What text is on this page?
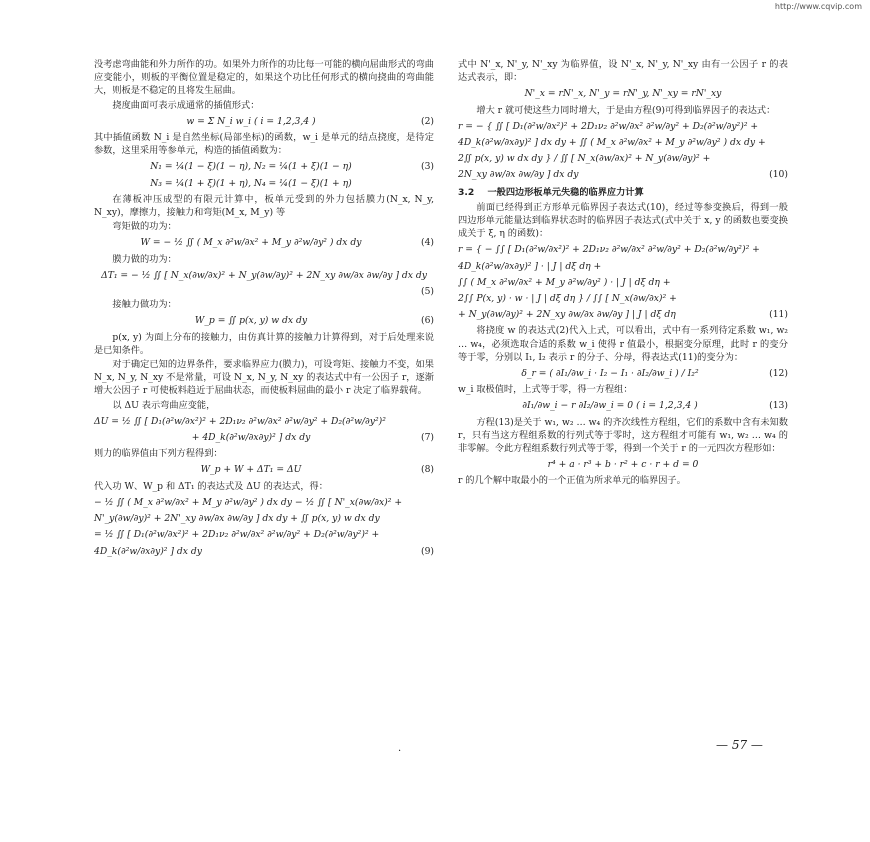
http://www.cqvip.com

没考虑弯曲能和外力所作的功。如果外力所作的功比每一可能的横向屈曲形式的弯曲应变能小，则板的平衡位置是稳定的，如果这个功比任何形式的横向挠曲的弯曲能大，则板是不稳定的且将发生屈曲。

挠度曲面可表示成通常的插值形式：

w = Σ N_i w_i ( i = 1,2,3,4 )	(2)

其中插值函数 N_i 是自然坐标(局部坐标)的函数，w_i 是单元的结点挠度，是待定参数，这里采用等参单元，构造的插值函数为：

N₁ = ¼(1 − ξ)(1 − η), N₂ = ¼(1 + ξ)(1 − η)	(3)
N₃ = ¼(1 + ξ)(1 + η), N₄ = ¼(1 − ξ)(1 + η)

在薄板冲压成型的有限元计算中，板单元受到的外力包括膜力(N_x, N_y, N_xy)，摩擦力，接触力和弯矩(M_x, M_y) 等

弯矩做的功为：

W = − ½ ∬ ( M_x ∂²w/∂x² + M_y ∂²w/∂y² ) dx dy	(4)

膜力做的功为：

ΔT₁ = − ½ ∬ [ N_x(∂w/∂x)² + N_y(∂w/∂y)² + 2N_xy ∂w/∂x ∂w/∂y ] dx dy

(5)

接触力做功为：

W_p = ∬ p(x, y) w dx dy	(6)

p(x, y) 为面上分布的接触力，由仿真计算的接触力计算得到，对于后处理来说是已知条件。

对于确定已知的边界条件，要求临界应力(膜力)，可设弯矩、接触力不变，如果 N_x, N_y, N_xy 不是常量，可设 N_x, N_y, N_xy 的表达式中有一公因子 r，逐渐增大公因子 r 可使板料趋近于屈曲状态，而使板料屈曲的最小 r 决定了临界载荷。

以 ΔU 表示弯曲应变能，

ΔU = ½ ∬ [ D₁(∂²w/∂x²)² + 2D₁ν₂ ∂²w/∂x² ∂²w/∂y² + D₂(∂²w/∂y²)²
+ 4D_k(∂²w/∂x∂y)² ] dx dy	(7)

则力的临界值由下列方程得到：

W_p + W + ΔT₁ = ΔU	(8)

代入功 W、W_p 和 ΔT₁ 的表达式及 ΔU 的表达式，得：

− ½ ∬ ( M_x ∂²w/∂x² + M_y ∂²w/∂y² ) dx dy − ½ ∬ [ N'_x(∂w/∂x)² +
N'_y(∂w/∂y)² + 2N'_xy ∂w/∂x ∂w/∂y ] dx dy + ∬ p(x, y) w dx dy
= ½ ∬ [ D₁(∂²w/∂x²)² + 2D₁ν₂ ∂²w/∂x² ∂²w/∂y² + D₂(∂²w/∂y²)² +
4D_k(∂²w/∂x∂y)² ] dx dy	(9)

式中 N'_x, N'_y, N'_xy 为临界值，设 N'_x, N'_y, N'_xy 由有一公因子 r 的表达式表示，即：

N'_x = rN'_x, N'_y = rN'_y, N'_xy = rN'_xy

增大 r 就可使这些力同时增大，于是由方程(9)可得到临界因子的表达式：

r = − { ∬ [ D₁(∂²w/∂x²)² + 2D₁ν₂ ∂²w/∂x² ∂²w/∂y² + D₂(∂²w/∂y²)² +
4D_k(∂²w/∂x∂y)² ] dx dy + ∬ ( M_x ∂²w/∂x² + M_y ∂²w/∂y² ) dx dy +
2∬ p(x, y) w dx dy } / ∬ [ N_x(∂w/∂x)² + N_y(∂w/∂y)² +
2N_xy ∂w/∂x ∂w/∂y ] dx dy	(10)
3.2 一般四边形板单元失稳的临界应力计算

前面已经得到正方形单元临界因子表达式(10)，经过等参变换后，得到一般四边形单元能量达到临界状态时的临界因子表达式(式中关于 x, y 的函数也要变换成关于 ξ, η 的函数)：

r = { − ∫∫ [ D₁(∂²w/∂x²)² + 2D₁ν₂ ∂²w/∂x² ∂²w/∂y² + D₂(∂²w/∂y²)² +
4D_k(∂²w/∂x∂y)² ] · | J | dξ dη +
∫∫ ( M_x ∂²w/∂x² + M_y ∂²w/∂y² ) · | J | dξ dη +
2∫∫ P(x, y) · w · | J | dξ dη } / ∫∫ [ N_x(∂w/∂x)² +
+ N_y(∂w/∂y)² + 2N_xy ∂w/∂x ∂w/∂y ] | J | dξ dη	(11)

将挠度 w 的表达式(2)代入上式，可以看出，式中有一系列待定系数 w₁, w₂ … w₄，必须选取合适的系数 w_i 使得 r 值最小，根据变分原理，此时 r 的变分等于零，分别以 I₁, I₂ 表示 r 的分子、分母，得表达式(11)的变分为：

δ_r = ( ∂I₁/∂w_i · I₂ − I₁ · ∂I₂/∂w_i ) / I₂²	(12)

w_i 取极值时，上式等于零，得一方程组：

∂I₁/∂w_i − r ∂I₂/∂w_i = 0 ( i = 1,2,3,4 )	(13)

方程(13)是关于 w₁, w₂ … w₄ 的齐次线性方程组，它们的系数中含有未知数 r，只有当这方程组系数的行列式等于零时，这方程组才可能有 w₁, w₂ … w₄ 的非零解。令此方程组系数行列式等于零，得到一个关于 r 的一元四次方程形如：

r⁴ + a · r³ + b · r² + c · r + d = 0

r 的几个解中取最小的一个正值为所求单元的临界因子。

·	— 57 —
